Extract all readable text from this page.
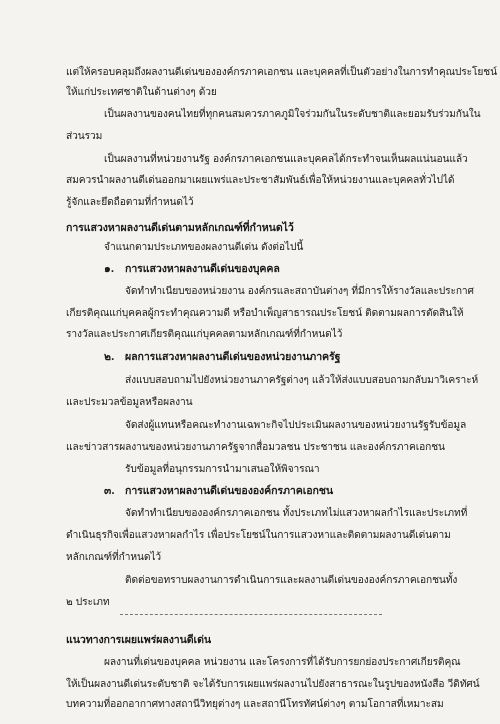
แต่ให้ครอบคลุมถึงผลงานดีเด่นขององค์กรภาคเอกชน และบุคคลที่เป็นตัวอย่างในการทำคุณประโยชน์
ให้แก่ประเทศชาติในด้านต่างๆ ด้วย
เป็นผลงานของคนไทยที่ทุกคนสมควรภาคภูมิใจร่วมกันในระดับชาติและยอมรับร่วมกันใน
ส่วนรวม
เป็นผลงานที่หน่วยงานรัฐ องค์กรภาคเอกชนและบุคคลได้กระทำจนเห็นผลแน่นอนแล้ว
สมควรนำผลงานดีเด่นออกมาเผยแพร่และประชาสัมพันธ์เพื่อให้หน่วยงานและบุคคลทั่วไปได้
รู้จักและยึดถือตามที่กำหนดไว้
การแสวงหาผลงานดีเด่นตามหลักเกณฑ์ที่กำหนดไว้
จำแนกตามประเภทของผลงานดีเด่น ดังต่อไปนี้
๑.	การแสวงหาผลงานดีเด่นของบุคคล
จัดทำทำเนียบของหน่วยงาน องค์กรและสถาบันต่างๆ ที่มีการให้รางวัลและประกาศ
เกียรติคุณแก่บุคคลผู้กระทำคุณความดี หรือบำเพ็ญสาธารณประโยชน์ ติดตามผลการตัดสินให้
รางวัลและประกาศเกียรติคุณแก่บุคคลตามหลักเกณฑ์ที่กำหนดไว้
๒. ผลการแสวงหาผลงานดีเด่นของหน่วยงานภาครัฐ
ส่งแบบสอบถามไปยังหน่วยงานภาครัฐต่างๆ แล้วให้ส่งแบบสอบถามกลับมาวิเคราะห์
และประมวลข้อมูลหรือผลงาน
จัดส่งผู้แทนหรือคณะทำงานเฉพาะกิจไปประเมินผลงานของหน่วยงานรัฐรับข้อมูล
และข่าวสารผลงานของหน่วยงานภาครัฐจากสื่อมวลชน ประชาชน และองค์กรภาคเอกชน
รับข้อมูลที่อนุกรรมการนำมาเสนอให้พิจารณา
๓. การแสวงหาผลงานดีเด่นขององค์กรภาคเอกชน
จัดทำทำเนียบขององค์กรภาคเอกชน ทั้งประเภทไม่แสวงหาผลกำไรและประเภทที่
ดำเนินธุรกิจเพื่อแสวงหาผลกำไร เพื่อประโยชน์ในการแสวงหาและติดตามผลงานดีเด่นตาม
หลักเกณฑ์ที่กำหนดไว้
ติดต่อขอทราบผลงานการดำเนินการและผลงานดีเด่นขององค์กรภาคเอกชนทั้ง
๒ ประเภท
แนวทางการเผยแพร่ผลงานดีเด่น
ผลงานที่เด่นของบุคคล หน่วยงาน และโครงการที่ได้รับการยกย่องประกาศเกียรติคุณ
ให้เป็นผลงานดีเด่นระดับชาติ จะได้รับการเผยแพร่ผลงานไปยังสาธารณะในรูปของหนังสือ วีดิทัศน์
บทความที่ออกอากาศทางสถานีวิทยุต่างๆ และสถานีโทรทัศน์ต่างๆ ตามโอกาสที่เหมาะสม
